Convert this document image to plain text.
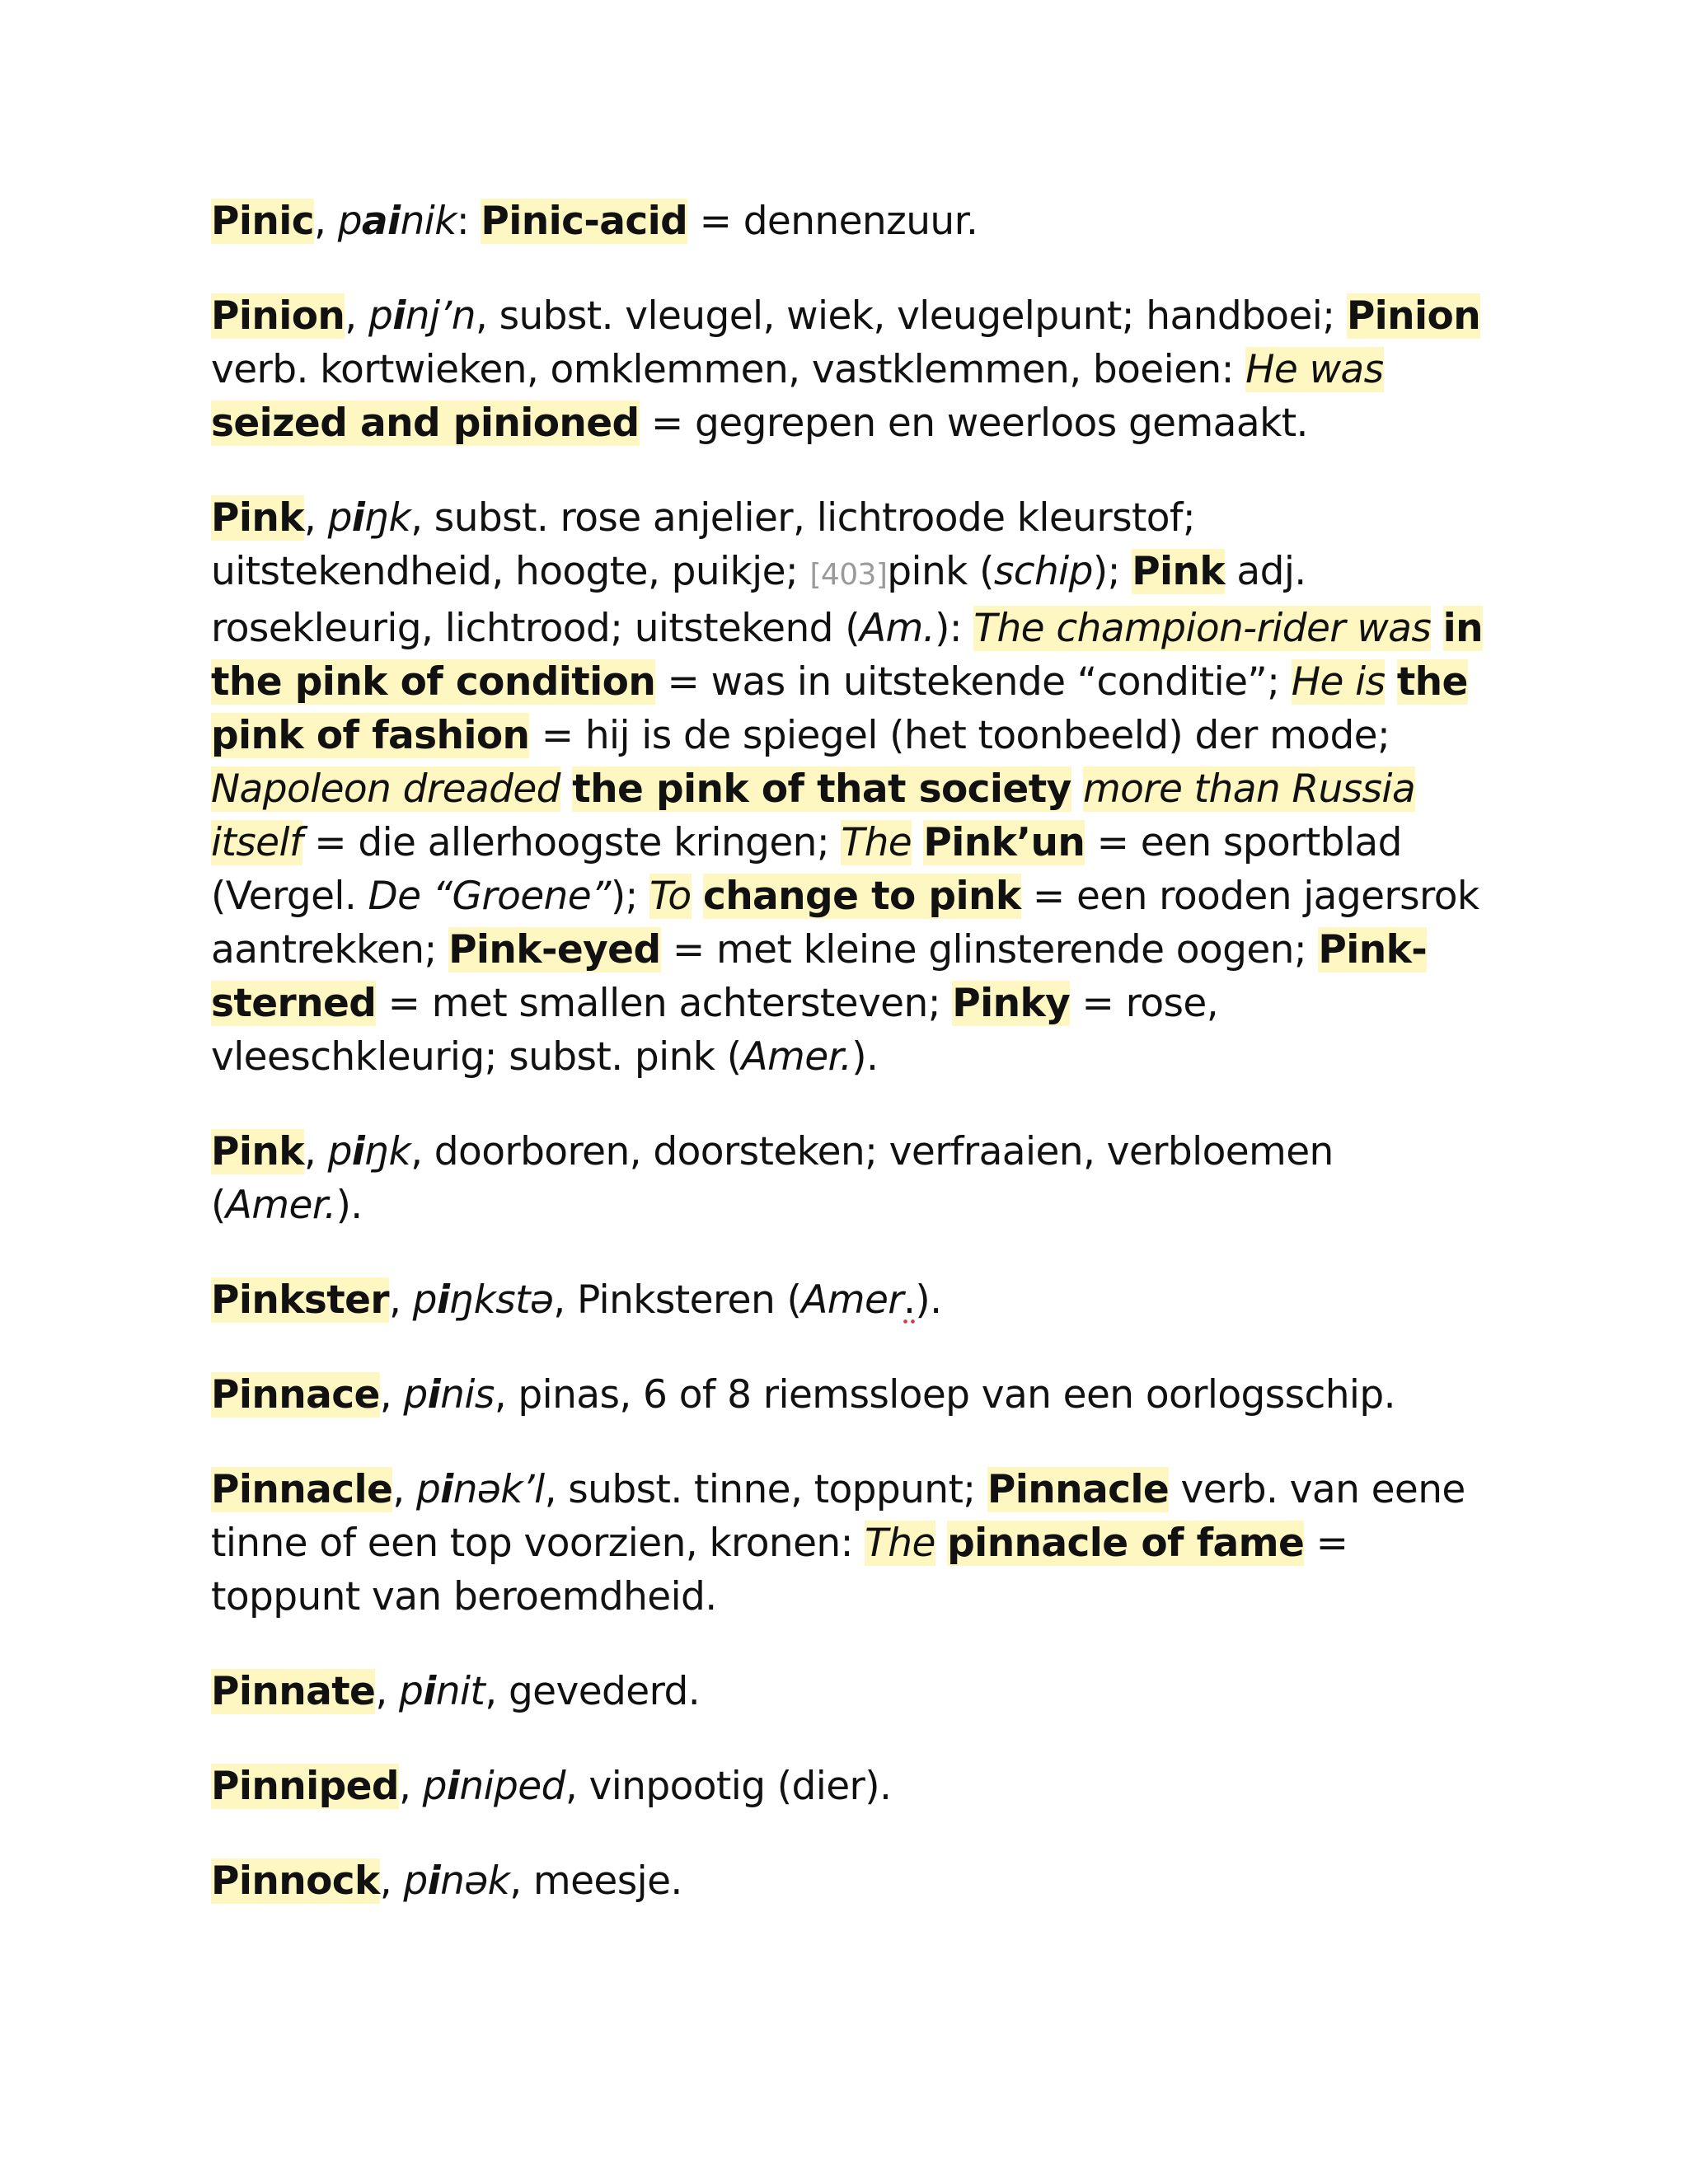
Pinic, painik: Pinic-acid = dennenzuur.

Pinion, pinj’n, subst. vleugel, wiek, vleugelpunt; handboei; Pinion verb. kortwieken, omklemmen, vastklemmen, boeien: He was seized and pinioned = gegrepen en weerloos gemaakt.

Pink, piŋk, subst. rose anjelier, lichtroode kleurstof; uitstekendheid, hoogte, puikje; [403]pink (schip); Pink adj. rosekleurig, lichtrood; uitstekend (Am.): The champion-rider was in the pink of condition = was in uitstekende “conditie”; He is the pink of fashion = hij is de spiegel (het toonbeeld) der mode; Napoleon dreaded the pink of that society more than Russia itself = die allerhoogste kringen; The Pink’un = een sportblad (Vergel. De “Groene”); To change to pink = een rooden jagersrok aantrekken; Pink-eyed = met kleine glinsterende oogen; Pink-sterned = met smallen achtersteven; Pinky = rose, vleeschkleurig; subst. pink (Amer.).

Pink, piŋk, doorboren, doorsteken; verfraaien, verbloemen (Amer.).

Pinkster, piŋkstə, Pinksteren (Amer.).

Pinnace, pinis, pinas, 6 of 8 riemssloep van een oorlogsschip.

Pinnacle, pinək’l, subst. tinne, toppunt; Pinnacle verb. van eene tinne of een top voorzien, kronen: The pinnacle of fame = toppunt van beroemdheid.

Pinnate, pinit, gevederd.

Pinniped, piniped, vinpootig (dier).

Pinnock, pinək, meesje.
